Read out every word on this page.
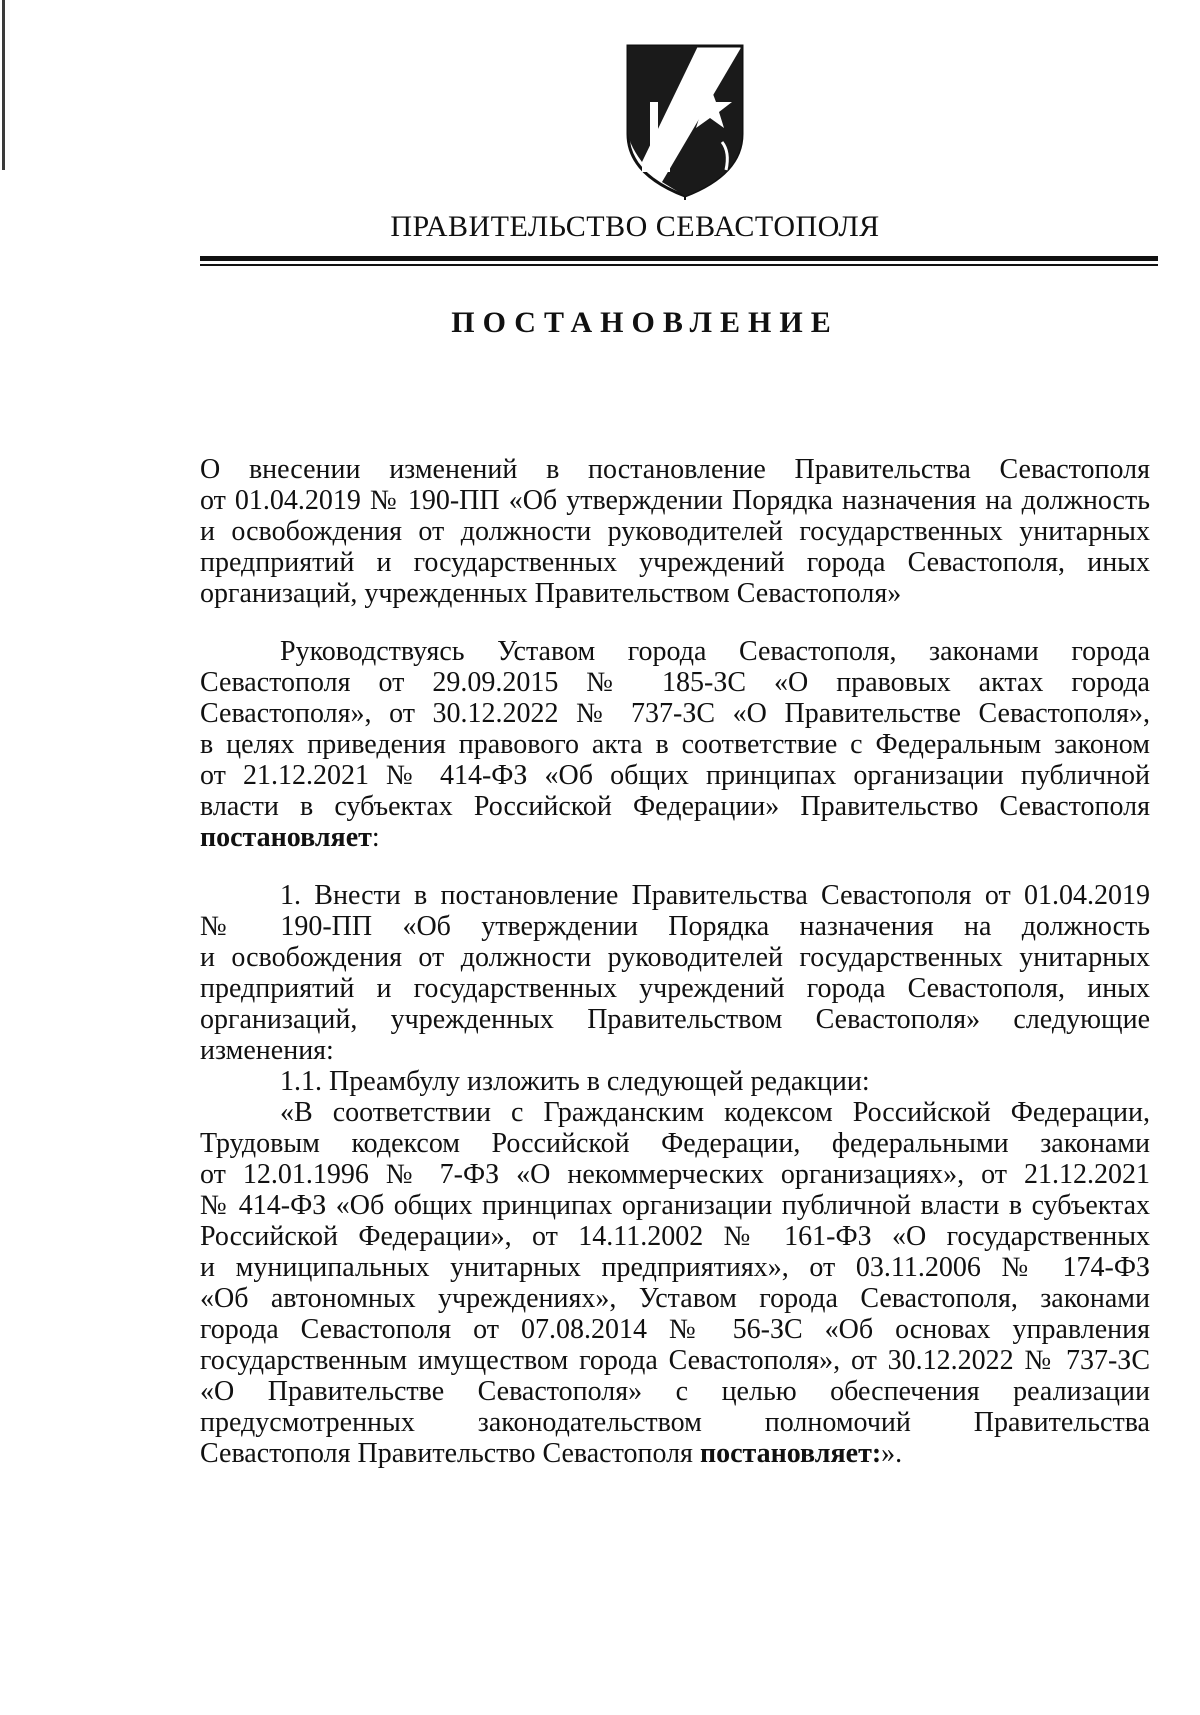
ПРАВИТЕЛЬСТВО СЕВАСТОПОЛЯ
ПОСТАНОВЛЕНИЕ
О внесении изменений в постановление Правительства Севастополя
от 01.04.2019 № 190-ПП «Об утверждении Порядка назначения на должность
и освобождения от должности руководителей государственных унитарных
предприятий и государственных учреждений города Севастополя, иных
организаций, учрежденных Правительством Севастополя»
Руководствуясь Уставом города Севастополя, законами города
Севастополя от 29.09.2015 № 185-ЗС «О правовых актах города
Севастополя», от 30.12.2022 № 737-ЗС «О Правительстве Севастополя»,
в целях приведения правового акта в соответствие с Федеральным законом
от 21.12.2021 № 414-ФЗ «Об общих принципах организации публичной
власти в субъектах Российской Федерации» Правительство Севастополя
постановляет:
1. Внести в постановление Правительства Севастополя от 01.04.2019
№ 190-ПП «Об утверждении Порядка назначения на должность
и освобождения от должности руководителей государственных унитарных
предприятий и государственных учреждений города Севастополя, иных
организаций, учрежденных Правительством Севастополя» следующие
изменения:
1.1. Преамбулу изложить в следующей редакции:
«В соответствии с Гражданским кодексом Российской Федерации,
Трудовым кодексом Российской Федерации, федеральными законами
от 12.01.1996 № 7-ФЗ «О некоммерческих организациях», от 21.12.2021
№ 414-ФЗ «Об общих принципах организации публичной власти в субъектах
Российской Федерации», от 14.11.2002 № 161-ФЗ «О государственных
и муниципальных унитарных предприятиях», от 03.11.2006 № 174-ФЗ
«Об автономных учреждениях», Уставом города Севастополя, законами
города Севастополя от 07.08.2014 № 56-ЗС «Об основах управления
государственным имуществом города Севастополя», от 30.12.2022 № 737-ЗС
«О Правительстве Севастополя» с целью обеспечения реализации
предусмотренных законодательством полномочий Правительства
Севастополя Правительство Севастополя постановляет:».
